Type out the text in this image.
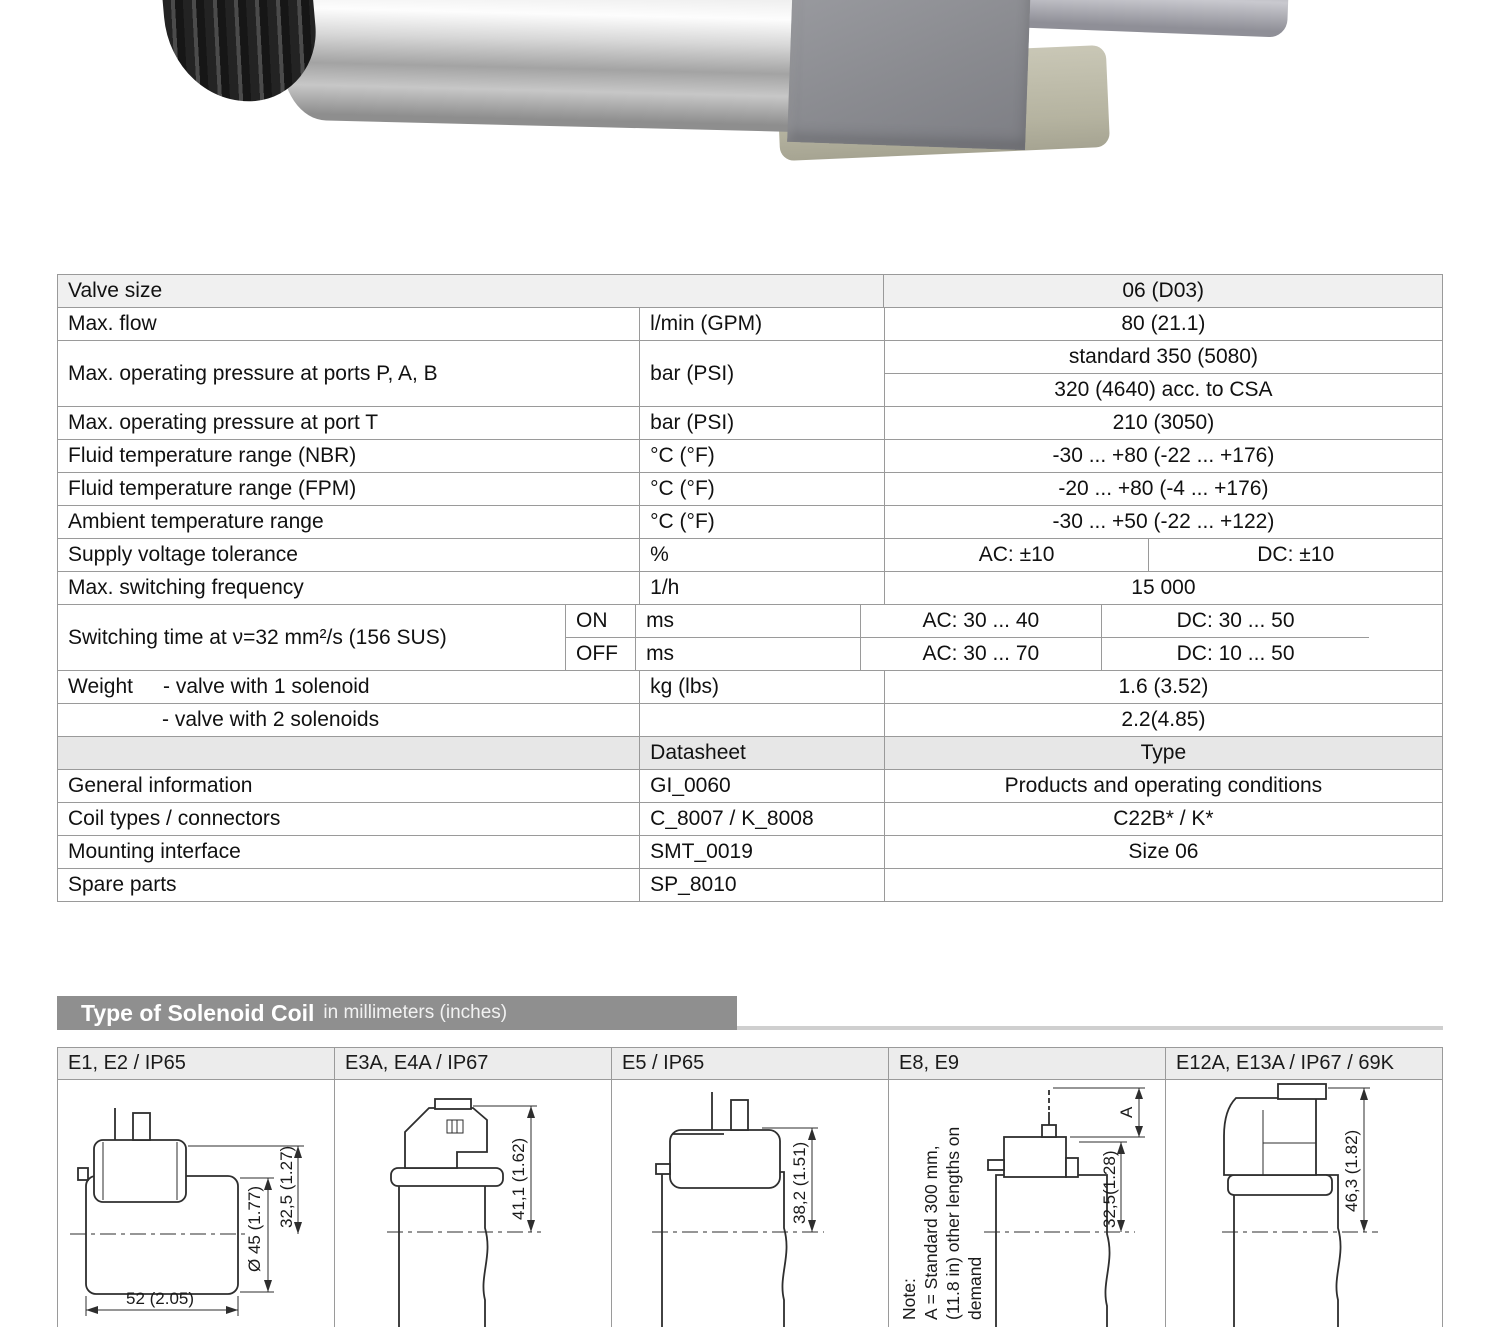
Valve size	06 (D03)
Max. flow	l/min (GPM)	80 (21.1)
Max. operating pressure at ports P, A, B	bar (PSI)
standard 350 (5080)
320 (4640) acc. to CSA
Max. operating pressure at port T	bar (PSI)	210 (3050)
Fluid temperature range (NBR)	°C (°F)	-30 ... +80 (-22 ... +176)
Fluid temperature range (FPM)	°C (°F)	-20 ... +80 (-4 ... +176)
Ambient temperature range	°C (°F)	-30 ... +50 (-22 ... +122)
Supply voltage tolerance	%	AC: ±10	DC: ±10
Max. switching frequency	1/h	15 000
Switching time at ν=32 mm²/s (156 SUS)
ON	ms	AC: 30 ... 40	DC: 30 ... 50
OFF	ms	AC: 30 ... 70	DC: 10 ... 50
Weight	- valve with 1 solenoid	kg (lbs)	1.6 (3.52)
- valve with 2 solenoids	2.2(4.85)
Datasheet	Type
General information	GI_0060	Products and operating conditions
Coil types / connectors	C_8007 / K_8008	C22B* / K*
Mounting interface	SMT_0019	Size 06
Spare parts	SP_8010
Type of Solenoid Coil in millimeters (inches)
E1, E2 / IP65
Ø 45 (1.77) 32,5 (1.27)
52 (2.05)
E3A, E4A / IP67
41,1 (1.62)
E5 / IP65
38,2 (1.51)
E8, E9
Note: A = Standard 300 mm, (11.8 in) other lengths on demand
A
32,5(1.28)
E12A, E13A / IP67 / 69K
46,3 (1.82)
